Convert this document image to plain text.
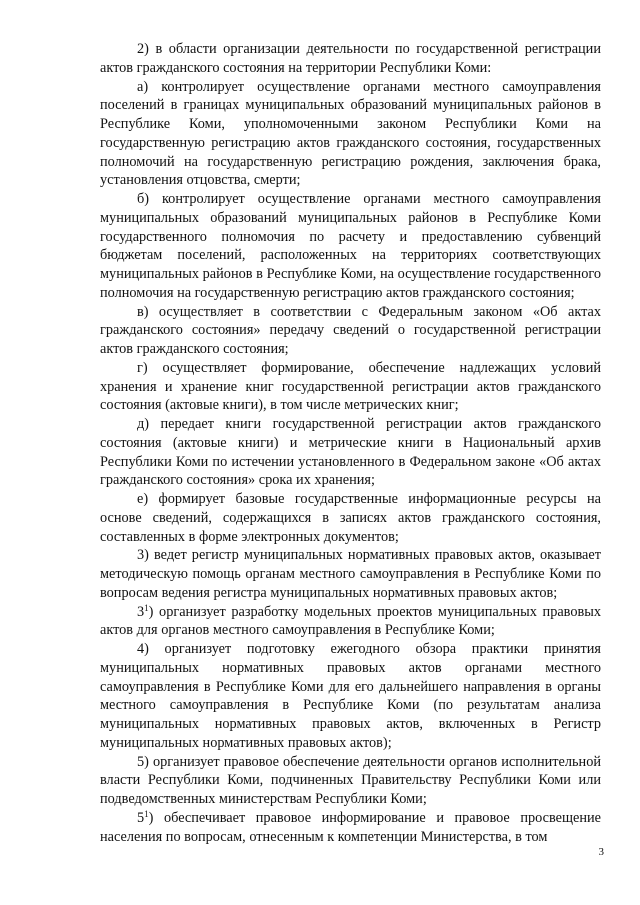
2) в области организации деятельности по государственной регистрации актов гражданского состояния на территории Республики Коми:

а) контролирует осуществление органами местного самоуправления поселений в границах муниципальных образований муниципальных районов в Республике Коми, уполномоченными законом Республики Коми на государственную регистрацию актов гражданского состояния, государственных полномочий на государственную регистрацию рождения, заключения брака, установления отцовства, смерти;

б) контролирует осуществление органами местного самоуправления муниципальных образований муниципальных районов в Республике Коми государственного полномочия по расчету и предоставлению субвенций бюджетам поселений, расположенных на территориях соответствующих муниципальных районов в Республике Коми, на осуществление государственного полномочия на государственную регистрацию актов гражданского состояния;

в) осуществляет в соответствии с Федеральным законом «Об актах гражданского состояния» передачу сведений о государственной регистрации актов гражданского состояния;

г) осуществляет формирование, обеспечение надлежащих условий хранения и хранение книг государственной регистрации актов гражданского состояния (актовые книги), в том числе метрических книг;

д) передает книги государственной регистрации актов гражданского состояния (актовые книги) и метрические книги в Национальный архив Республики Коми по истечении установленного в Федеральном законе «Об актах гражданского состояния» срока их хранения;

е) формирует базовые государственные информационные ресурсы на основе сведений, содержащихся в записях актов гражданского состояния, составленных в форме электронных документов;

3) ведет регистр муниципальных нормативных правовых актов, оказывает методическую помощь органам местного самоуправления в Республике Коми по вопросам ведения регистра муниципальных нормативных правовых актов;

$3^1$) организует разработку модельных проектов муниципальных правовых актов для органов местного самоуправления в Республике Коми;

4) организует подготовку ежегодного обзора практики принятия муниципальных нормативных правовых актов органами местного самоуправления в Республике Коми для его дальнейшего направления в органы местного самоуправления в Республике Коми (по результатам анализа муниципальных нормативных правовых актов, включенных в Регистр муниципальных нормативных правовых актов);

5) организует правовое обеспечение деятельности органов исполнительной власти Республики Коми, подчиненных Правительству Республики Коми или подведомственных министерствам Республики Коми;

$5^1$) обеспечивает правовое информирование и правовое просвещение населения по вопросам, отнесенным к компетенции Министерства, в том

3
